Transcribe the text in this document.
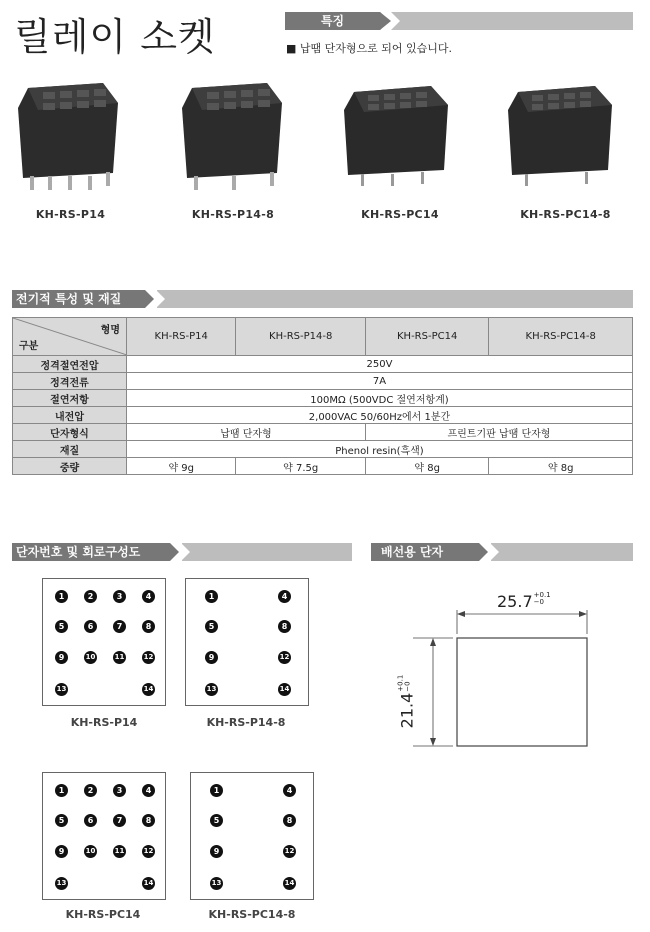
릴레이 소켓	특징
■ 납땜 단자형으로 되어 있습니다.
KH-RS-P14	KH-RS-P14-8	KH-RS-PC14	KH-RS-PC14-8
전기적 특성 및 재질
형명
구분	KH-RS-P14	KH-RS-P14-8	KH-RS-PC14	KH-RS-PC14-8
정격절연전압	250V			
정격전류	7A			
절연저항	100MΩ (500VDC 절연저항계)			
내전압	2,000VAC 50/60Hz에서 1분간			
단자형식	납땜 단자형		프린트기판 납땜 단자형	
재질	Phenol resin(흑색)			
중량	약 9g	약 7.5g	약 8g	약 8g
단자번호 및 회로구성도	배선용 단자
1	2	3	4
5	6	7	8
9	10	11	12
13	14
KH-RS-P14
1	4
5	8
9	12
13	14
KH-RS-P14-8
1	2	3	4
5	6	7	8
9	10	11	12
13	14
KH-RS-PC14
1	4
5	8
9	12
13	14
KH-RS-PC14-8
25.7 +0.1
−0
21.4
+0.1 −0
